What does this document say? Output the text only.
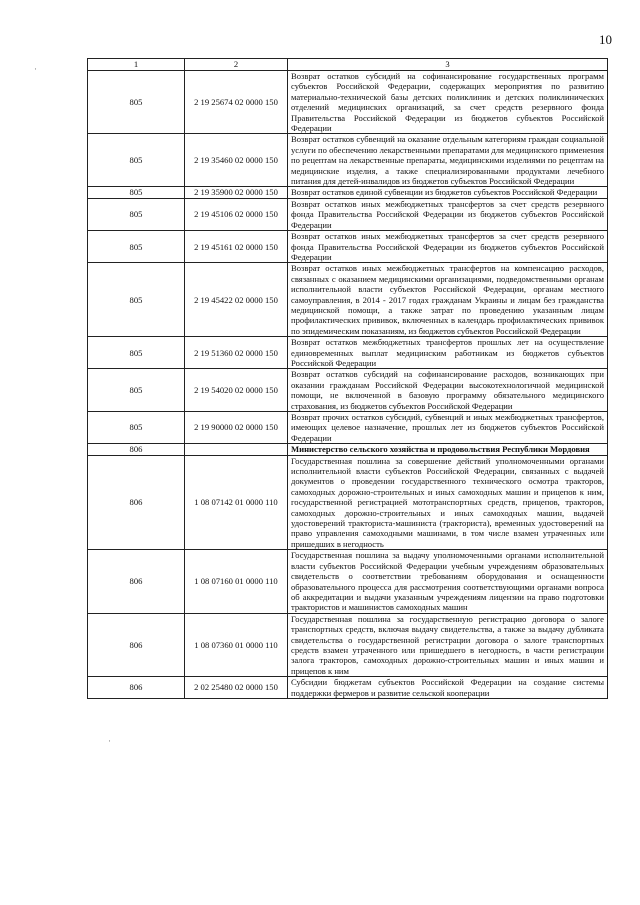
10
·
·
1	2	3
805	2 19 25674 02 0000 150	Возврат остатков субсидий на софинансирование государственных программ субъектов Российской Федерации, содержащих мероприятия по развитию материально-технической базы детских поликлиник и детских поликлинических отделений медицинских организаций, за счет средств резервного фонда Правительства Российской Федерации из бюджетов субъектов Российской Федерации
805	2 19 35460 02 0000 150	Возврат остатков субвенций на оказание отдельным категориям граждан социальной услуги по обеспечению лекарственными препаратами для медицинского применения по рецептам на лекарственные препараты, медицинскими изделиями по рецептам на медицинские изделия, а также специализированными продуктами лечебного питания для детей-инвалидов из бюджетов субъектов Российской Федерации
805	2 19 35900 02 0000 150	Возврат остатков единой субвенции из бюджетов субъектов Российской Федерации
805	2 19 45106 02 0000 150	Возврат остатков иных межбюджетных трансфертов за счет средств резервного фонда Правительства Российской Федерации из бюджетов субъектов Российской Федерации
805	2 19 45161 02 0000 150	Возврат остатков иных межбюджетных трансфертов за счет средств резервного фонда Правительства Российской Федерации из бюджетов субъектов Российской Федерации
805	2 19 45422 02 0000 150	Возврат остатков иных межбюджетных трансфертов на компенсацию расходов, связанных с оказанием медицинскими организациями, подведомственными органам исполнительной власти субъектов Российской Федерации, органам местного самоуправления, в 2014 - 2017 годах гражданам Украины и лицам без гражданства медицинской помощи, а также затрат по проведению указанным лицам профилактических прививок, включенных в календарь профилактических прививок по эпидемическим показаниям, из бюджетов субъектов Российской Федерации
805	2 19 51360 02 0000 150	Возврат остатков межбюджетных трансфертов прошлых лет на осуществление единовременных выплат медицинским работникам из бюджетов субъектов Российской Федерации
805	2 19 54020 02 0000 150	Возврат остатков субсидий на софинансирование расходов, возникающих при оказании гражданам Российской Федерации высокотехнологичной медицинской помощи, не включенной в базовую программу обязательного медицинского страхования, из бюджетов субъектов Российской Федерации
805	2 19 90000 02 0000 150	Возврат прочих остатков субсидий, субвенций и иных межбюджетных трансфертов, имеющих целевое назначение, прошлых лет из бюджетов субъектов Российской Федерации
806		Министерство сельского хозяйства и продовольствия Республики Мордовия
806	1 08 07142 01 0000 110	Государственная пошлина за совершение действий уполномоченными органами исполнительной власти субъектов Российской Федерации, связанных с выдачей документов о проведении государственного технического осмотра тракторов, самоходных дорожно-строительных и иных самоходных машин и прицепов к ним, государственной регистрацией мототранспортных средств, прицепов, тракторов, самоходных дорожно-строительных и иных самоходных машин, выдачей удостоверений тракториста-машиниста (тракториста), временных удостоверений на право управления самоходными машинами, в том числе взамен утраченных или пришедших в негодность
806	1 08 07160 01 0000 110	Государственная пошлина за выдачу уполномоченными органами исполнительной власти субъектов Российской Федерации учебным учреждениям образовательных свидетельств о соответствии требованиям оборудования и оснащенности образовательного процесса для рассмотрения соответствующими органами вопроса об аккредитации и выдачи указанным учреждениям лицензии на право подготовки трактористов и машинистов самоходных машин
806	1 08 07360 01 0000 110	Государственная пошлина за государственную регистрацию договора о залоге транспортных средств, включая выдачу свидетельства, а также за выдачу дубликата свидетельства о государственной регистрации договора о залоге транспортных средств взамен утраченного или пришедшего в негодность, в части регистрации залога тракторов, самоходных дорожно-строительных машин и иных машин и прицепов к ним
806	2 02 25480 02 0000 150	Субсидии бюджетам субъектов Российской Федерации на создание системы поддержки фермеров и развитие сельской кооперации
